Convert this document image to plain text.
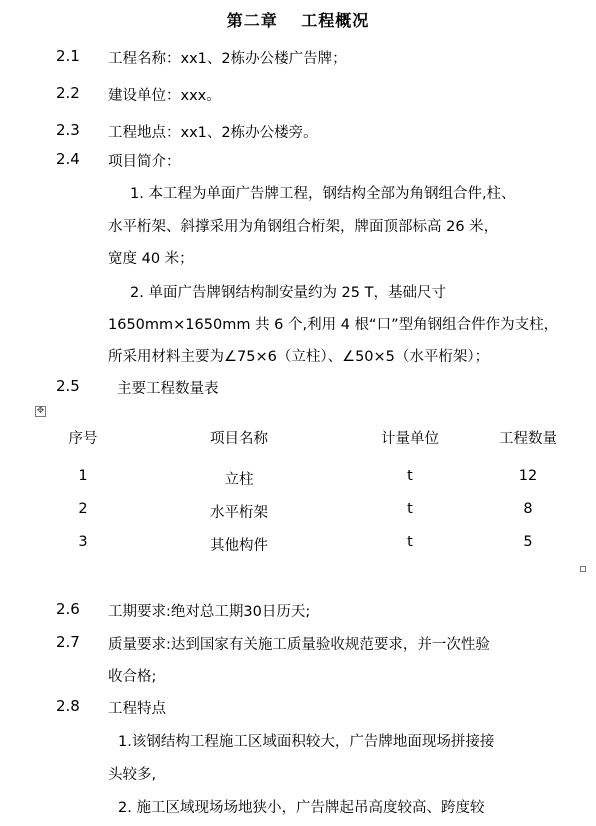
第二章　 工程概况
2.1 工程名称：xx1、2栋办公楼广告牌；
2.2 建设单位：xxx。
2.3 工程地点：xx1、2栋办公楼旁。
2.4 项目简介：
1. 本工程为单面广告牌工程，钢结构全部为角钢组合件,柱、
水平桁架、斜撑采用为角钢组合桁架，牌面顶部标高 26 米，
宽度 40 米；
2. 单面广告牌钢结构制安量约为 25 T，基础尺寸
1650mm×1650mm 共 6 个,利用 4 根“口”型角钢组合件作为支柱，
所采用材料主要为∠75×6（立柱）、∠50×5（水平桁架）；
2.5	主要工程数量表
✥
序号	项目名称	计量单位	工程数量
1	立柱	t	12
2	水平桁架	t	8
3	其他构件	t	5
2.6 工期要求:绝对总工期30日历天;
2.7 质量要求:达到国家有关施工质量验收规范要求，并一次性验
收合格;
2.8 工程特点
1.该钢结构工程施工区域面积较大，广告牌地面现场拼接接
头较多,
2. 施工区域现场场地狭小，广告牌起吊高度较高、跨度较
